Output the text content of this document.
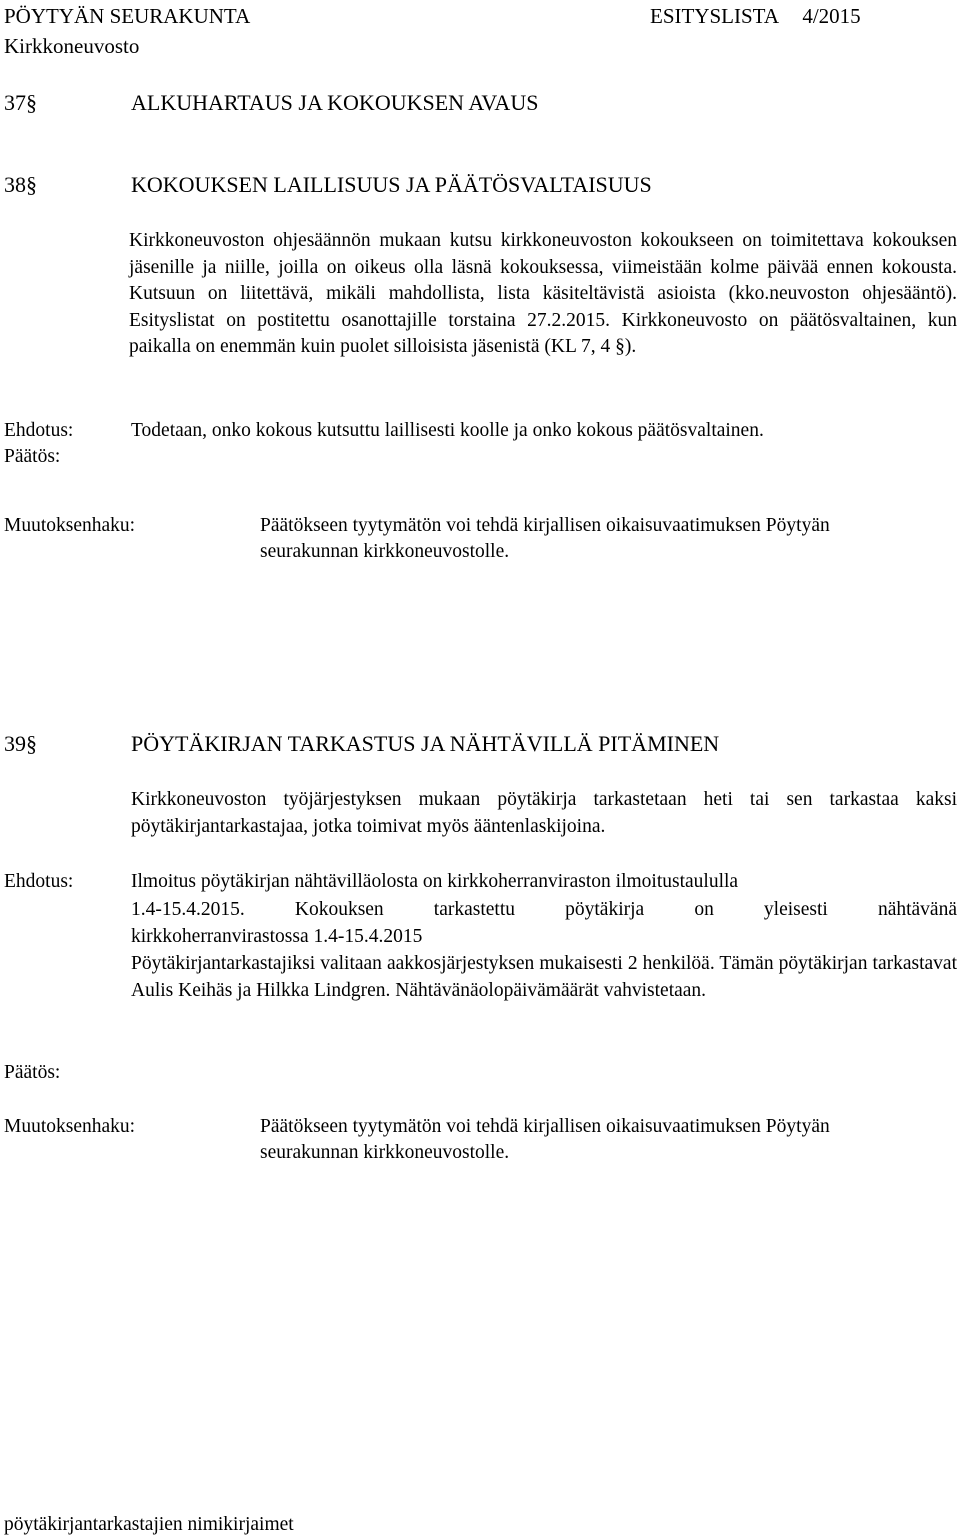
PÖYTYÄN SEURAKUNTA	ESITYSLISTA 4/2015
Kirkkoneuvosto
37§	ALKUHARTAUS JA KOKOUKSEN AVAUS
38§	KOKOUKSEN LAILLISUUS JA PÄÄTÖSVALTAISUUS
Kirkkoneuvoston ohjesäännön mukaan kutsu kirkkoneuvoston kokoukseen on toimitettava kokouksen jäsenille ja niille, joilla on oikeus olla läsnä kokouksessa, viimeistään kolme päivää ennen kokousta. Kutsuun on liitettävä, mikäli mahdollista, lista käsiteltävistä asioista (kko.neuvoston ohjesääntö). Esityslistat on postitettu osanottajille torstaina 27.2.2015. Kirkkoneuvosto on päätösvaltainen, kun paikalla on enemmän kuin puolet silloisista jäsenistä (KL 7, 4 §).
Ehdotus:	Todetaan, onko kokous kutsuttu laillisesti koolle ja onko kokous päätösvaltainen.
Päätös:
Muutoksenhaku:	Päätökseen tyytymätön voi tehdä kirjallisen oikaisuvaatimuksen Pöytyän
seurakunnan kirkkoneuvostolle.
39§	PÖYTÄKIRJAN TARKASTUS JA NÄHTÄVILLÄ PITÄMINEN
Kirkkoneuvoston työjärjestyksen mukaan pöytäkirja tarkastetaan heti tai sen tarkastaa kaksi pöytäkirjantarkastajaa, jotka toimivat myös ääntenlaskijoina.
Ehdotus:	Ilmoitus pöytäkirjan nähtävilläolosta on kirkkoherranviraston ilmoitustaululla
1.4-15.4.2015. Kokouksen tarkastettu pöytäkirja on yleisesti nähtävänä
kirkkoherranvirastossa 1.4-15.4.2015
Pöytäkirjantarkastajiksi valitaan aakkosjärjestyksen mukaisesti 2 henkilöä. Tämän pöytäkirjan tarkastavat Aulis Keihäs ja Hilkka Lindgren. Nähtävänäolopäivämäärät vahvistetaan.
Päätös:
Muutoksenhaku:	Päätökseen tyytymätön voi tehdä kirjallisen oikaisuvaatimuksen Pöytyän
seurakunnan kirkkoneuvostolle.
pöytäkirjantarkastajien nimikirjaimet
